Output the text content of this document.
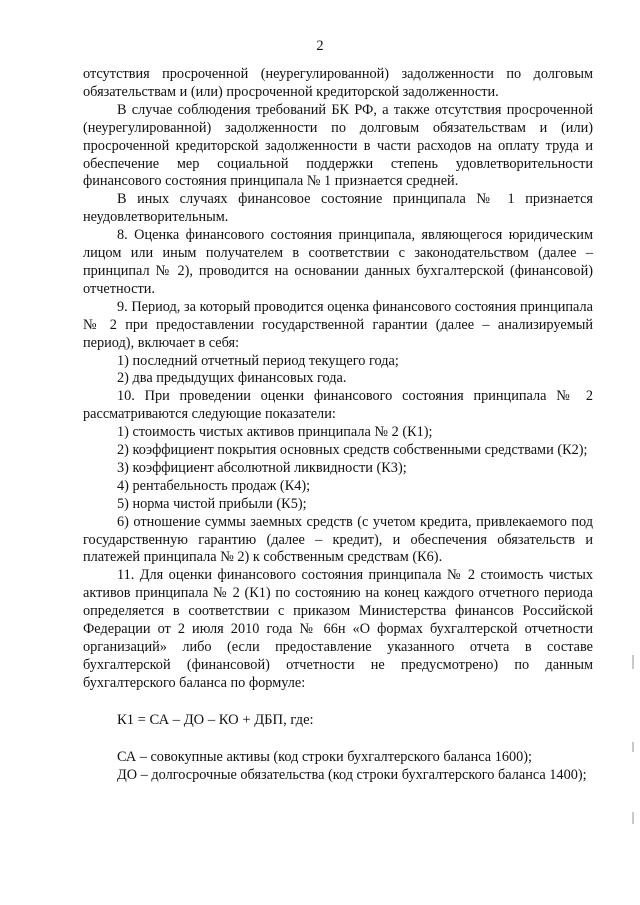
2

отсутствия просроченной (неурегулированной) задолженности по долговым обязательствам и (или) просроченной кредиторской задолженности.

В случае соблюдения требований БК РФ, а также отсутствия просроченной (неурегулированной) задолженности по долговым обязательствам и (или) просроченной кредиторской задолженности в части расходов на оплату труда и обеспечение мер социальной поддержки степень удовлетворительности финансового состояния принципала № 1 признается средней.

В иных случаях финансовое состояние принципала № 1 признается неудовлетворительным.

8. Оценка финансового состояния принципала, являющегося юридическим лицом или иным получателем в соответствии с законодательством (далее – принципал № 2), проводится на основании данных бухгалтерской (финансовой) отчетности.

9. Период, за который проводится оценка финансового состояния принципала № 2 при предоставлении государственной гарантии (далее – анализируемый период), включает в себя:

1) последний отчетный период текущего года;

2) два предыдущих финансовых года.

10. При проведении оценки финансового состояния принципала № 2 рассматриваются следующие показатели:

1) стоимость чистых активов принципала № 2 (К1);

2) коэффициент покрытия основных средств собственными средствами (К2);

3) коэффициент абсолютной ликвидности (К3);

4) рентабельность продаж (К4);

5) норма чистой прибыли (К5);

6) отношение суммы заемных средств (с учетом кредита, привлекаемого под государственную гарантию (далее – кредит), и обеспечения обязательств и платежей принципала № 2) к собственным средствам (К6).

11. Для оценки финансового состояния принципала № 2 стоимость чистых активов принципала № 2 (К1) по состоянию на конец каждого отчетного периода определяется в соответствии с приказом Министерства финансов Российской Федерации от 2 июля 2010 года № 66н «О формах бухгалтерской отчетности организаций» либо (если предоставление указанного отчета в составе бухгалтерской (финансовой) отчетности не предусмотрено) по данным бухгалтерского баланса по формуле:

К1 = СА – ДО – КО + ДБП, где:

СА – совокупные активы (код строки бухгалтерского баланса 1600);

ДО – долгосрочные обязательства (код строки бухгалтерского баланса 1400);
